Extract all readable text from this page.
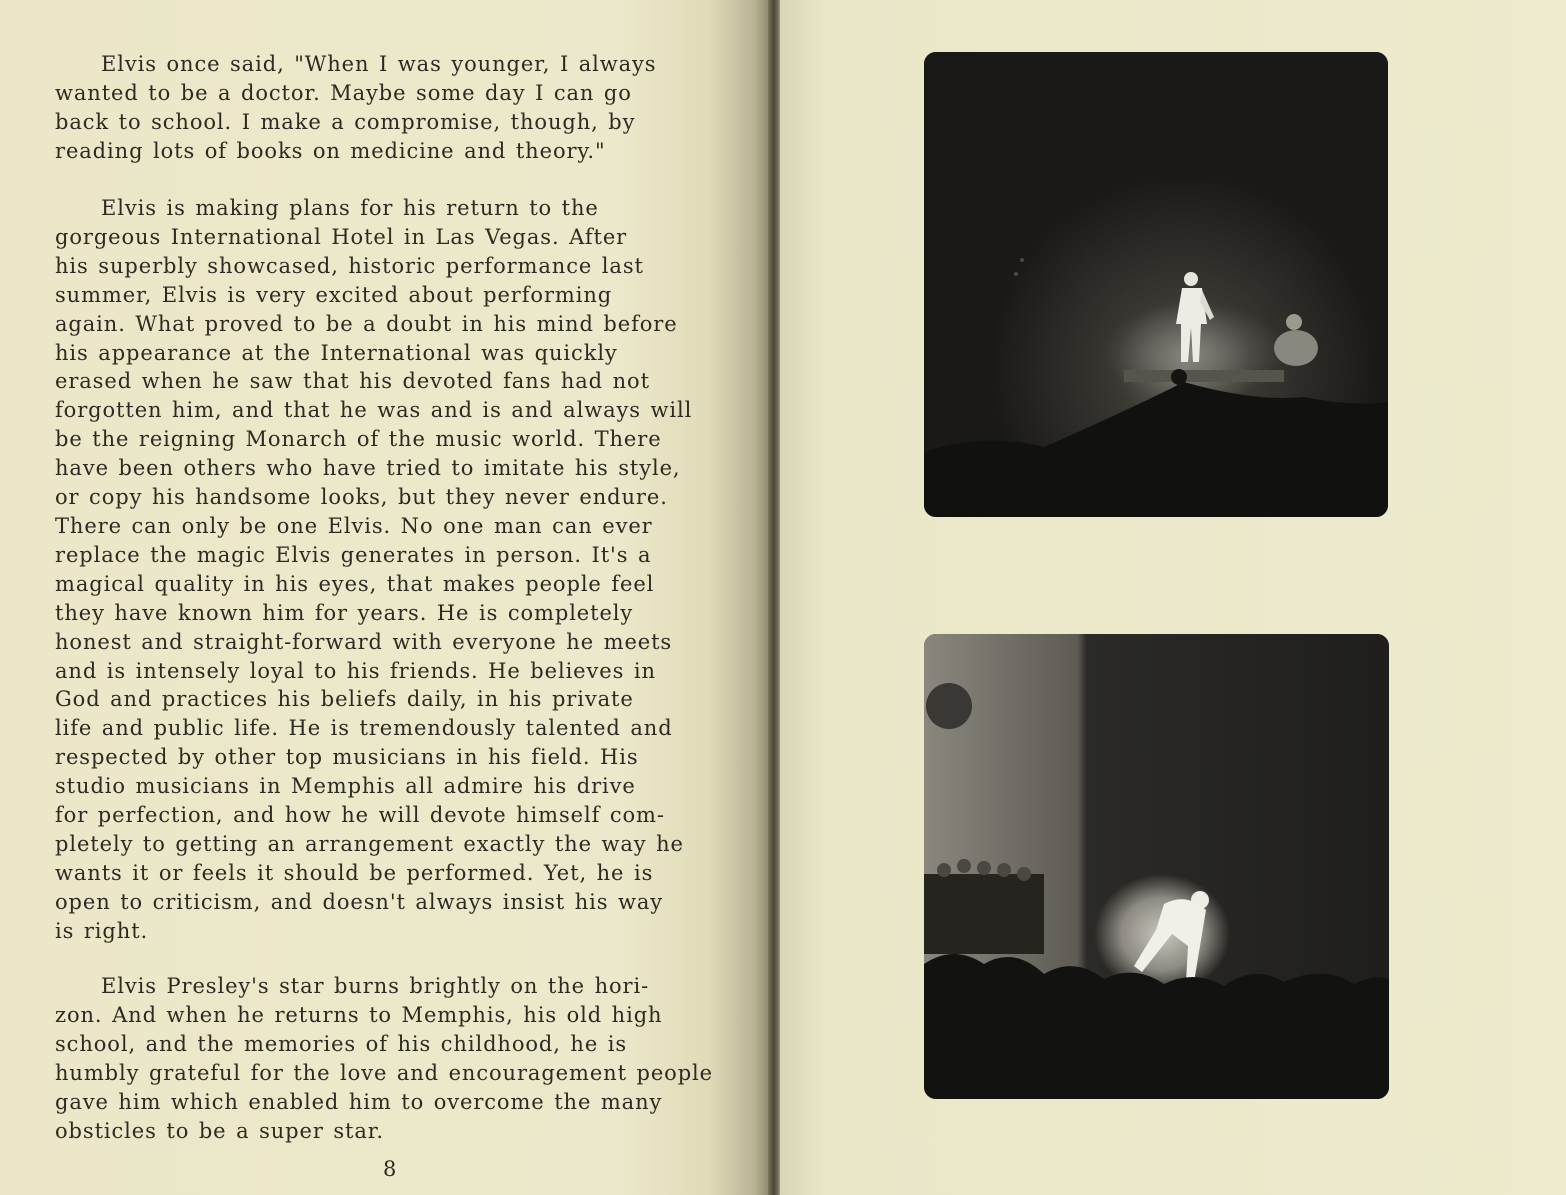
Elvis once said, "When I was younger, I always
wanted to be a doctor. Maybe some day I can go
back to school. I make a compromise, though, by
reading lots of books on medicine and theory."

Elvis is making plans for his return to the
gorgeous International Hotel in Las Vegas. After
his superbly showcased, historic performance last
summer, Elvis is very excited about performing
again. What proved to be a doubt in his mind before
his appearance at the International was quickly
erased when he saw that his devoted fans had not
forgotten him, and that he was and is and always will
be the reigning Monarch of the music world. There
have been others who have tried to imitate his style,
or copy his handsome looks, but they never endure.
There can only be one Elvis. No one man can ever
replace the magic Elvis generates in person. It's a
magical quality in his eyes, that makes people feel
they have known him for years. He is completely
honest and straight-forward with everyone he meets
and is intensely loyal to his friends. He believes in
God and practices his beliefs daily, in his private
life and public life. He is tremendously talented and
respected by other top musicians in his field. His
studio musicians in Memphis all admire his drive
for perfection, and how he will devote himself com-
pletely to getting an arrangement exactly the way he
wants it or feels it should be performed. Yet, he is
open to criticism, and doesn't always insist his way
is right.

Elvis Presley's star burns brightly on the hori-
zon. And when he returns to Memphis, his old high
school, and the memories of his childhood, he is
humbly grateful for the love and encouragement people
gave him which enabled him to overcome the many
obsticles to be a super star.

8
